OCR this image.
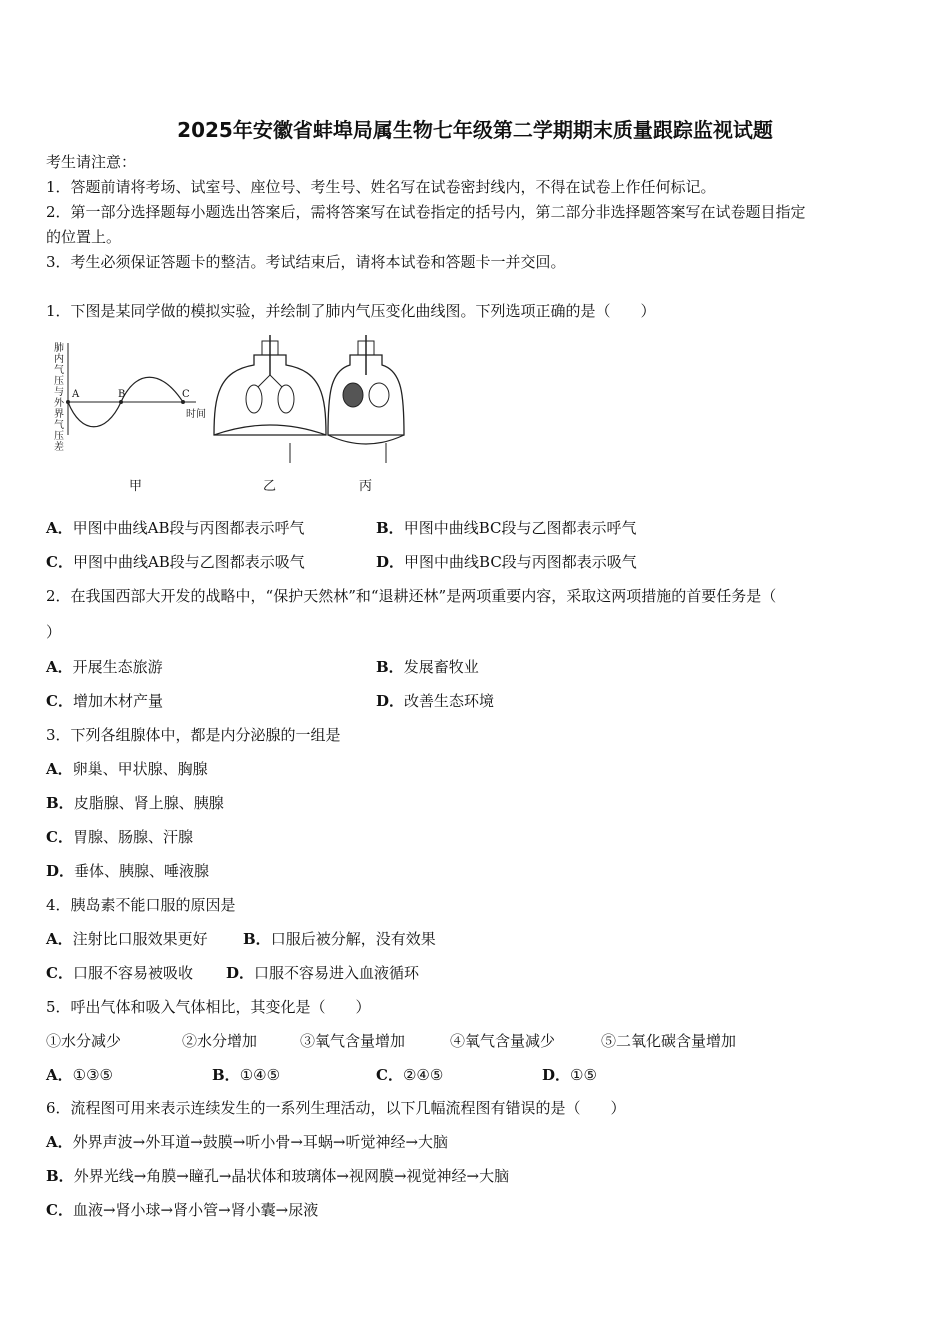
2025年安徽省蚌埠局属生物七年级第二学期期末质量跟踪监视试题
考生请注意：
1．答题前请将考场、试室号、座位号、考生号、姓名写在试卷密封线内，不得在试卷上作任何标记。
2．第一部分选择题每小题选出答案后，需将答案写在试卷指定的括号内，第二部分非选择题答案写在试卷题目指定
的位置上。
3．考生必须保证答题卡的整洁。考试结束后，请将本试卷和答题卡一并交回。
1．下图是某同学做的模拟实验，并绘制了肺内气压变化曲线图。下列选项正确的是（　　）
肺内气压与外界气压差
时间
A	B	C
甲	乙	丙
A．甲图中曲线AB段与丙图都表示呼气	B．甲图中曲线BC段与乙图都表示呼气
C．甲图中曲线AB段与乙图都表示吸气	D．甲图中曲线BC段与丙图都表示吸气
2．在我国西部大开发的战略中，“保护天然林”和“退耕还林”是两项重要内容，采取这两项措施的首要任务是（
）
A．开展生态旅游	B．发展畜牧业
C．增加木材产量	D．改善生态环境
3．下列各组腺体中，都是内分泌腺的一组是
A．卵巢、甲状腺、胸腺
B．皮脂腺、肾上腺、胰腺
C．胃腺、肠腺、汗腺
D．垂体、胰腺、唾液腺
4．胰岛素不能口服的原因是
A．注射比口服效果更好 B．口服后被分解，没有效果
C．口服不容易被吸收 D．口服不容易进入血液循环
5．呼出气体和吸入气体相比，其变化是（　　）
①水分减少	②水分增加	③氧气含量增加	④氧气含量减少	⑤二氧化碳含量增加
A．①③⑤	B．①④⑤	C．②④⑤	D．①⑤
6．流程图可用来表示连续发生的一系列生理活动，以下几幅流程图有错误的是（　　）
A．外界声波→外耳道→鼓膜→听小骨→耳蜗→听觉神经→大脑
B．外界光线→角膜→瞳孔→晶状体和玻璃体→视网膜→视觉神经→大脑
C．血液→肾小球→肾小管→肾小囊→尿液
